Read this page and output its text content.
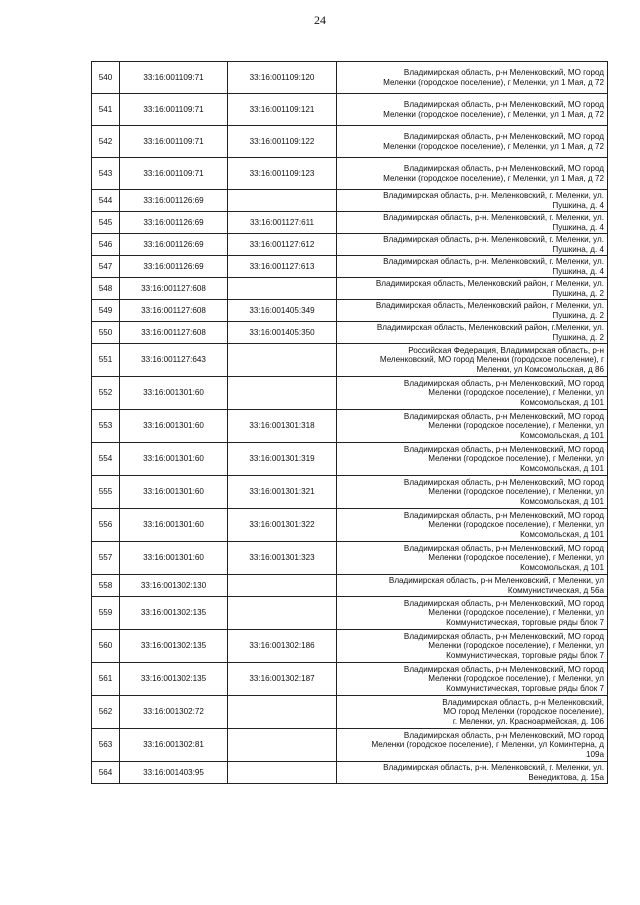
24
540	33:16:001109:71	33:16:001109:120	Владимирская область, р-н Меленковский, МО город
Меленки (городское поселение), г Меленки, ул 1 Мая, д 72

541	33:16:001109:71	33:16:001109:121	Владимирская область, р-н Меленковский, МО город
Меленки (городское поселение), г Меленки, ул 1 Мая, д 72

542	33:16:001109:71	33:16:001109:122	Владимирская область, р-н Меленковский, МО город
Меленки (городское поселение), г Меленки, ул 1 Мая, д 72

543	33:16:001109:71	33:16:001109:123	Владимирская область, р-н Меленковский, МО город
Меленки (городское поселение), г Меленки, ул 1 Мая, д 72

544	33:16:001126:69		Владимирская область, р-н. Меленковский, г. Меленки, ул.
Пушкина, д. 4

545	33:16:001126:69	33:16:001127:611	Владимирская область, р-н. Меленковский, г. Меленки, ул.
Пушкина, д. 4

546	33:16:001126:69	33:16:001127:612	Владимирская область, р-н. Меленковский, г. Меленки, ул.
Пушкина, д. 4

547	33:16:001126:69	33:16:001127:613	Владимирская область, р-н. Меленковский, г. Меленки, ул.
Пушкина, д. 4

548	33:16:001127:608		Владимирская область, Меленковский район, г Меленки, ул.
Пушкина, д. 2

549	33:16:001127:608	33:16:001405:349	Владимирская область, Меленковский район, г Меленки, ул.
Пушкина, д. 2

550	33:16:001127:608	33:16:001405:350	Владимирская область, Меленковский район, г.Меленки, ул.
Пушкина, д. 2

551	33:16:001127:643		Российская Федерация, Владимирская область, р-н
Меленковский, МО город Меленки (городское поселение), г
Меленки, ул Комсомольская, д 86

552	33:16:001301:60		Владимирская область, р-н Меленковский, МО город
Меленки (городское поселение), г Меленки, ул
Комсомольская, д 101

553	33:16:001301:60	33:16:001301:318	Владимирская область, р-н Меленковский, МО город
Меленки (городское поселение), г Меленки, ул
Комсомольская, д 101

554	33:16:001301:60	33:16:001301:319	Владимирская область, р-н Меленковский, МО город
Меленки (городское поселение), г Меленки, ул
Комсомольская, д 101

555	33:16:001301:60	33:16:001301:321	Владимирская область, р-н Меленковский, МО город
Меленки (городское поселение), г Меленки, ул
Комсомольская, д 101

556	33:16:001301:60	33:16:001301:322	Владимирская область, р-н Меленковский, МО город
Меленки (городское поселение), г Меленки, ул
Комсомольская, д 101

557	33:16:001301:60	33:16:001301:323	Владимирская область, р-н Меленковский, МО город
Меленки (городское поселение), г Меленки, ул
Комсомольская, д 101

558	33:16:001302:130		Владимирская область, р-н Меленковский, г Меленки, ул
Коммунистическая, д 56а

559	33:16:001302:135		Владимирская область, р-н Меленковский, МО город
Меленки (городское поселение), г Меленки, ул
Коммунистическая, торговые ряды блок 7

560	33:16:001302:135	33:16:001302:186	Владимирская область, р-н Меленковский, МО город
Меленки (городское поселение), г Меленки, ул
Коммунистическая, торговые ряды блок 7

561	33:16:001302:135	33:16:001302:187	Владимирская область, р-н Меленковский, МО город
Меленки (городское поселение), г Меленки, ул
Коммунистическая, торговые ряды блок 7

562	33:16:001302:72		Владимирская область, р-н Меленковский,
МО город Меленки (городское поселение),
г. Меленки, ул. Красноармейская, д. 106

563	33:16:001302:81		Владимирская область, р-н Меленковский, МО город
Меленки (городское поселение), г Меленки, ул Коминтерна, д
109а

564	33:16:001403:95		Владимирская область, р-н. Меленковский, г. Меленки, ул.
Венедиктова, д. 15а
